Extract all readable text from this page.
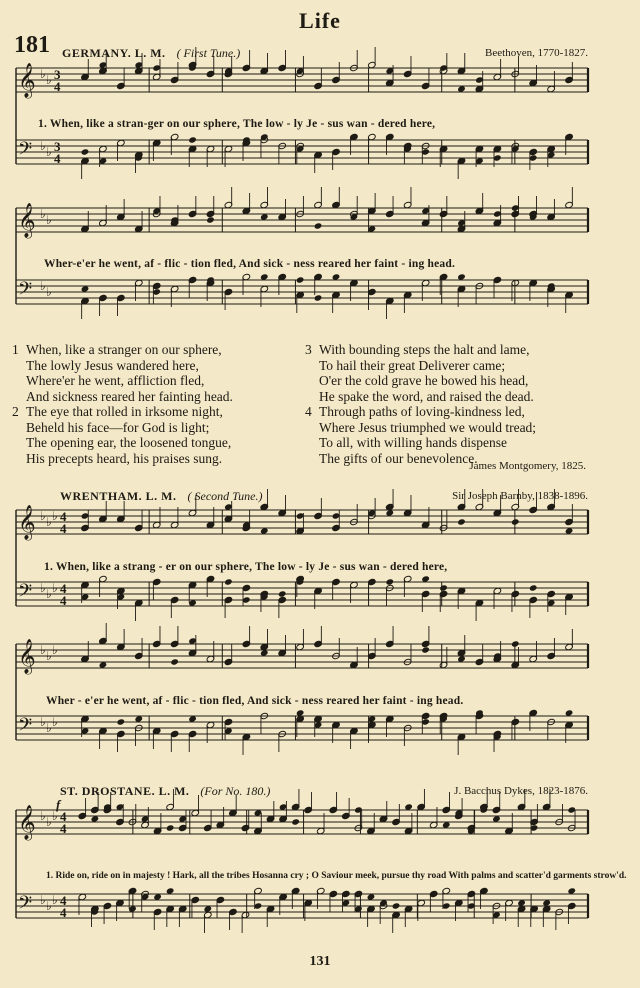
Life
181 GERMANY. L. M. ( First Tune.)	Beethoven, 1770-1827.
𝄞 ♭ ♭ 3
4
𝄢 ♭ ♭ 3
4
1. When, like a stran-ger on our sphere, The low - ly Je - sus wan - dered here,
𝄞 ♭ ♭
𝄢 ♭ ♭
Wher-e'er he went, af - flic - tion fled, And sick - ness reared her faint - ing head.
1 When, like a stranger on our sphere,
The lowly Jesus wandered here,
Where'er he went, affliction fled,
And sickness reared her fainting head.
2 The eye that rolled in irksome night,
Beheld his face—for God is light;
The opening ear, the loosened tongue,
His precepts heard, his praises sung.
3 With bounding steps the halt and lame,
To hail their great Deliverer came;
O'er the cold grave he bowed his head,
He spake the word, and raised the dead.
4 Through paths of loving-kindness led,
Where Jesus triumphed we would tread;
To all, with willing hands dispense
The gifts of our benevolence.
James Montgomery, 1825.
WRENTHAM. L. M. ( Second Tune.)	Sir Joseph Barnby, 1838-1896.
𝄞 ♭ ♭ ♭ 4
4
𝄢 ♭ ♭ ♭ 4
4
1. When, like a strang - er on our sphere, The low - ly Je - sus wan - dered here,
𝄞 ♭ ♭ ♭
𝄢 ♭ ♭ ♭
Wher - e'er he went, af - flic - tion fled, And sick - ness reared her faint - ing head.
ST. DROSTANE. L. M. (For No. 180.)	J. Bacchus Dykes, 1823-1876.
f
𝄞 ♭ ♭ ♭ 4
4
𝄢 ♭ ♭ ♭ 4
4
1. Ride on, ride on in majesty ! Hark, all the tribes Hosanna cry ; O Saviour meek, pursue thy road With palms and scatter'd garments strow'd.
131
